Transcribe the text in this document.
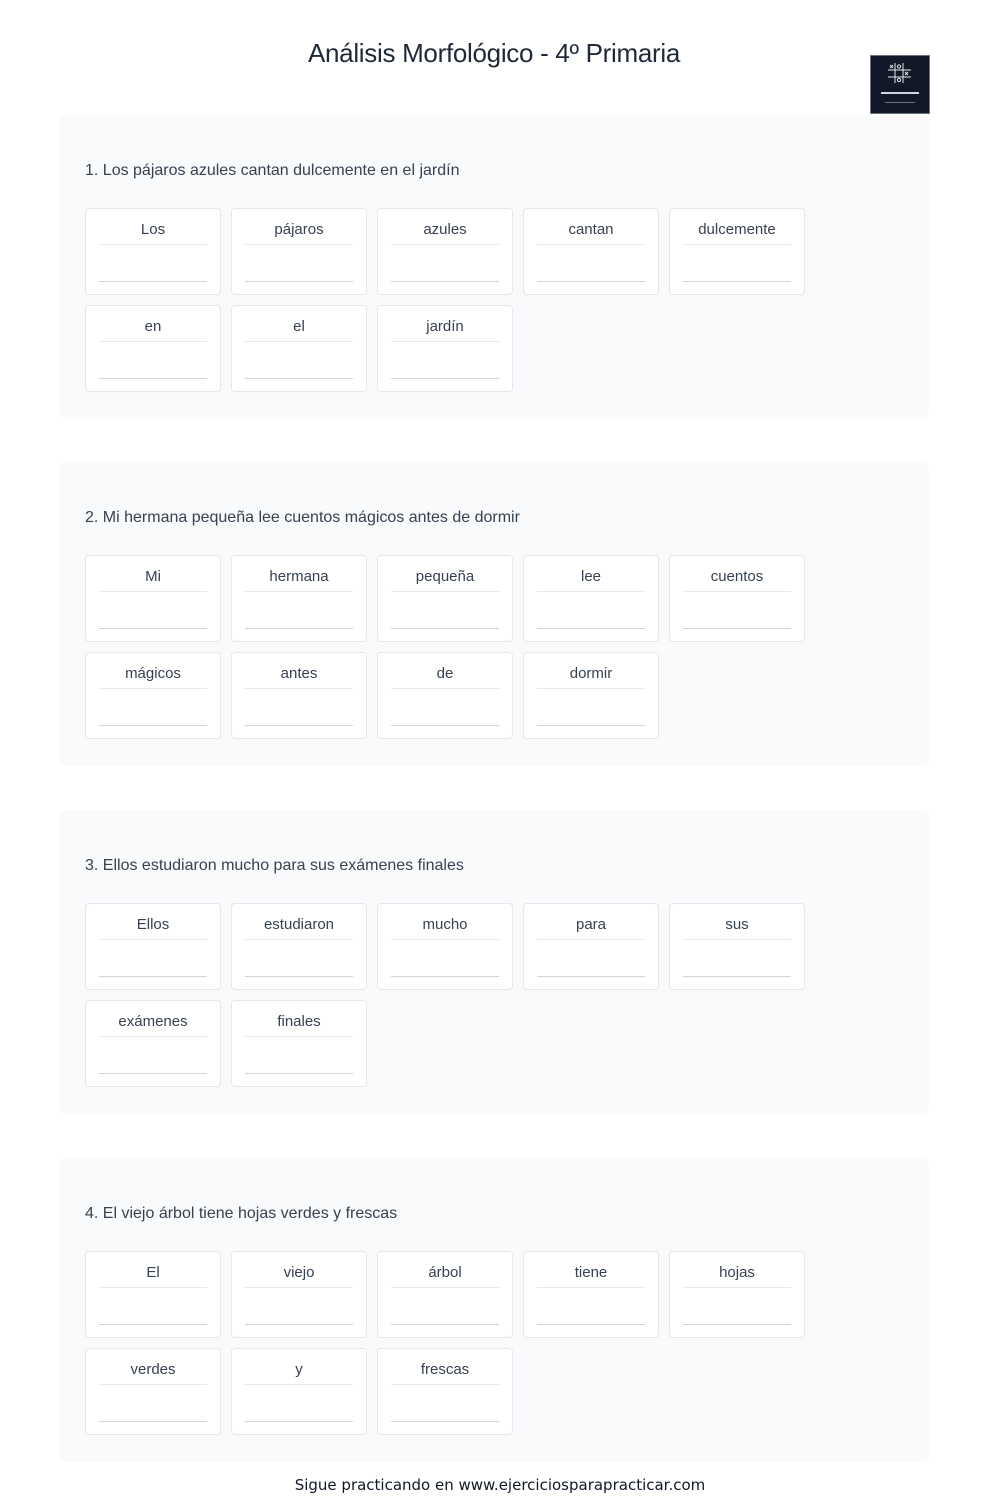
Análisis Morfológico - 4º Primaria
1. Los pájaros azules cantan dulcemente en el jardín
Los	pájaros	azules	cantan	dulcemente
en	el	jardín
2. Mi hermana pequeña lee cuentos mágicos antes de dormir
Mi	hermana	pequeña	lee	cuentos
mágicos	antes	de	dormir
3. Ellos estudiaron mucho para sus exámenes finales
Ellos	estudiaron	mucho	para	sus
exámenes	finales
4. El viejo árbol tiene hojas verdes y frescas
El	viejo	árbol	tiene	hojas
verdes	y	frescas
Sigue practicando en www.ejerciciosparapracticar.com
